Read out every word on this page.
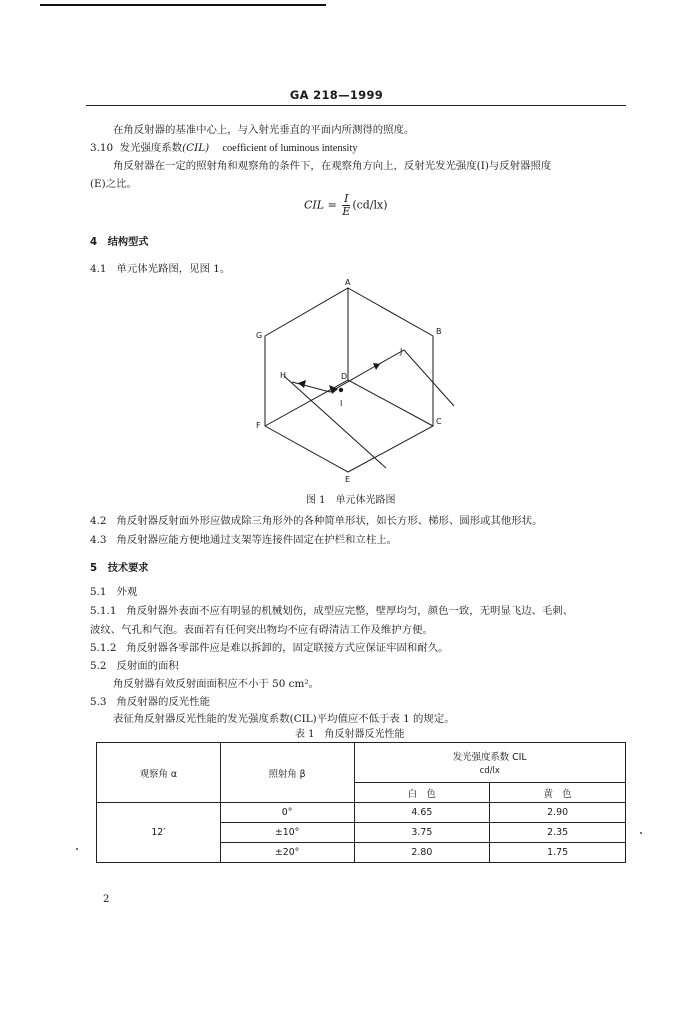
GA 218—1999
在角反射器的基准中心上，与入射光垂直的平面内所测得的照度。
3.10 发光强度系数(CIL) coefficient of luminous intensity
角反射器在一定的照射角和观察角的条件下，在观察角方向上，反射光发光强度(I)与反射器照度
(E)之比。
CIL = $\frac{I}{E} (cd/lx)$
4 结构型式
4.1 单元体光路图，见图 1。
A
B
C
D
E
F
G
H
I
J
图 1　单元体光路图
4.2 角反射器反射面外形应做成除三角形外的各种简单形状，如长方形、梯形、圆形或其他形状。
4.3 角反射器应能方便地通过支架等连接件固定在护栏和立柱上。
5 技术要求
5.1 外观
5.1.1 角反射器外表面不应有明显的机械划伤，成型应完整，壁厚均匀，颜色一致，无明显飞边、毛刺、
波纹、气孔和气泡。表面若有任何突出物均不应有碍清洁工作及维护方便。
5.1.2 角反射器各零部件应是难以拆卸的，固定联接方式应保证牢固和耐久。
5.2 反射面的面积
角反射器有效反射面面积应不小于 50 cm²。
5.3 角反射器的反光性能
表征角反射器反光性能的发光强度系数(CIL)平均值应不低于表 1 的规定。
表 1　角反射器反光性能
观察角 α	照射角 β	发光强度系数 CIL
cd/lx	

		白　色	黄　色
12′	0°	4.65	2.90
	±10°	3.75	2.35
	±20°	2.80	1.75
2
